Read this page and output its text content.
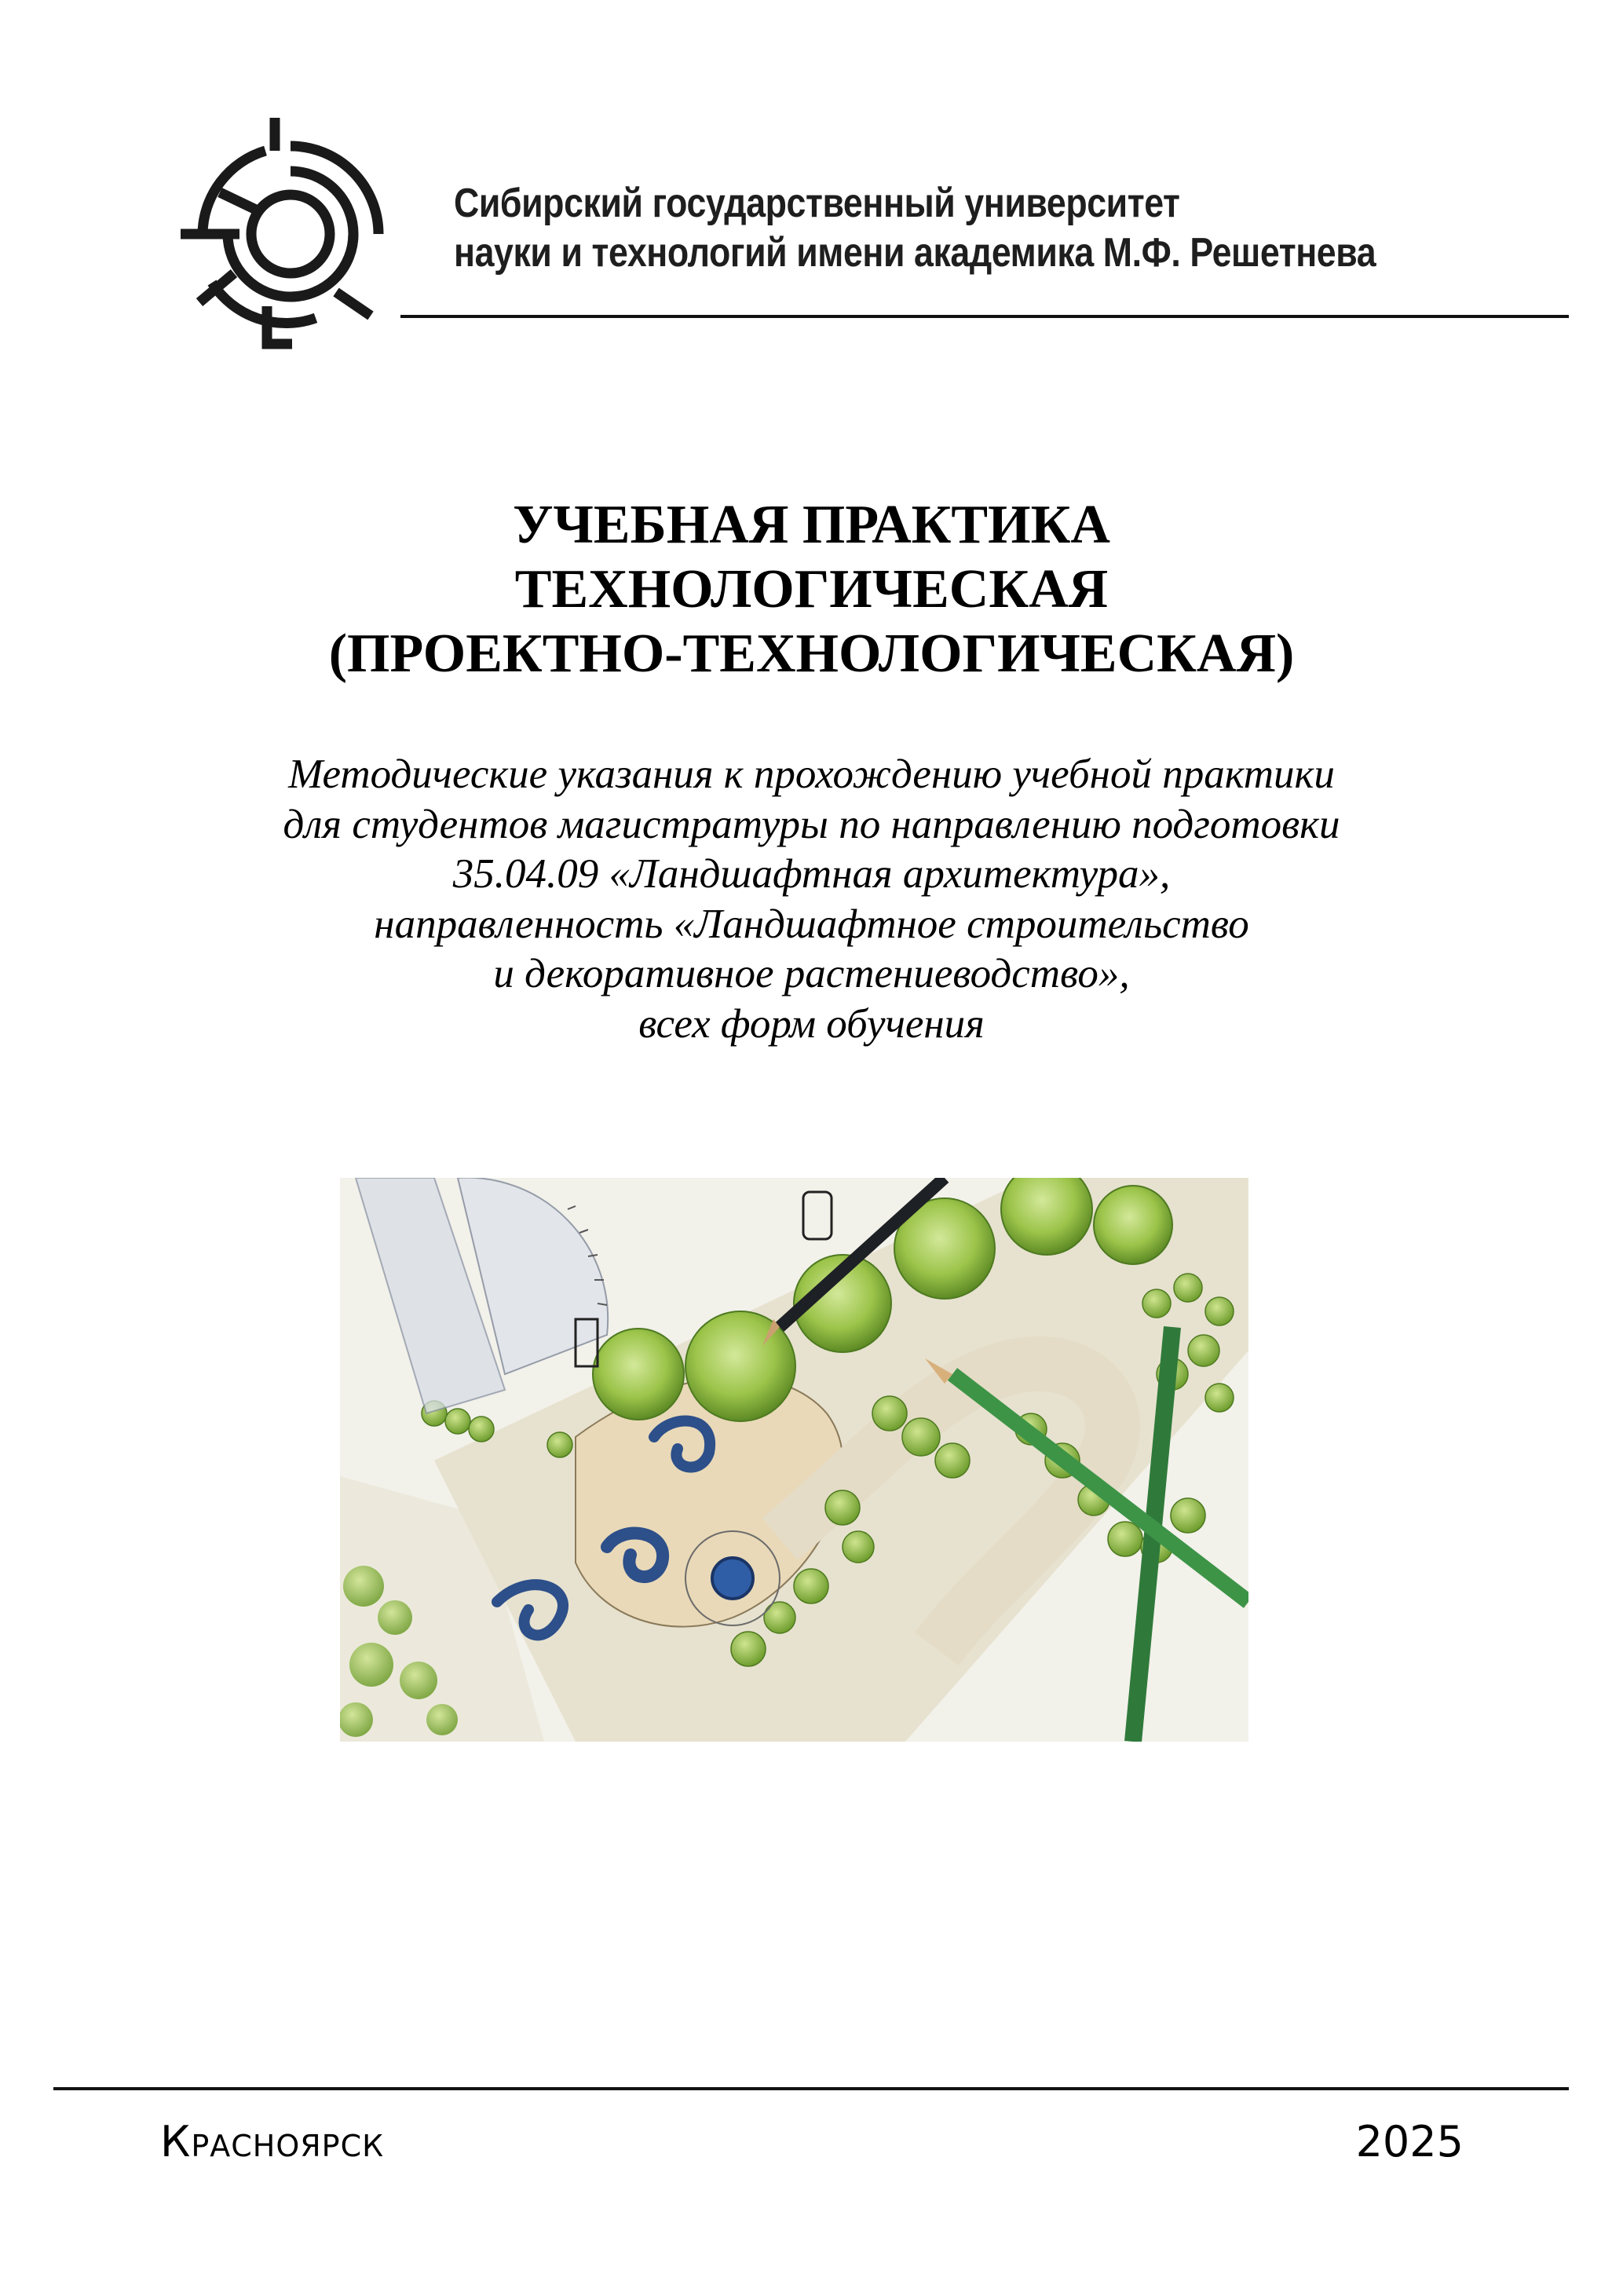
Сибирский государственный университет
науки и технологий имени академика М.Ф. Решетнева
УЧЕБНАЯ ПРАКТИКА
ТЕХНОЛОГИЧЕСКАЯ
(ПРОЕКТНО-ТЕХНОЛОГИЧЕСКАЯ)
Методические указания к прохождению учебной практики
для студентов магистратуры по направлению подготовки
35.04.09 «Ландшафтная архитектура»,
направленность «Ландшафтное строительство
и декоративное растениеводство»,
всех форм обучения
Красноярск	2025
